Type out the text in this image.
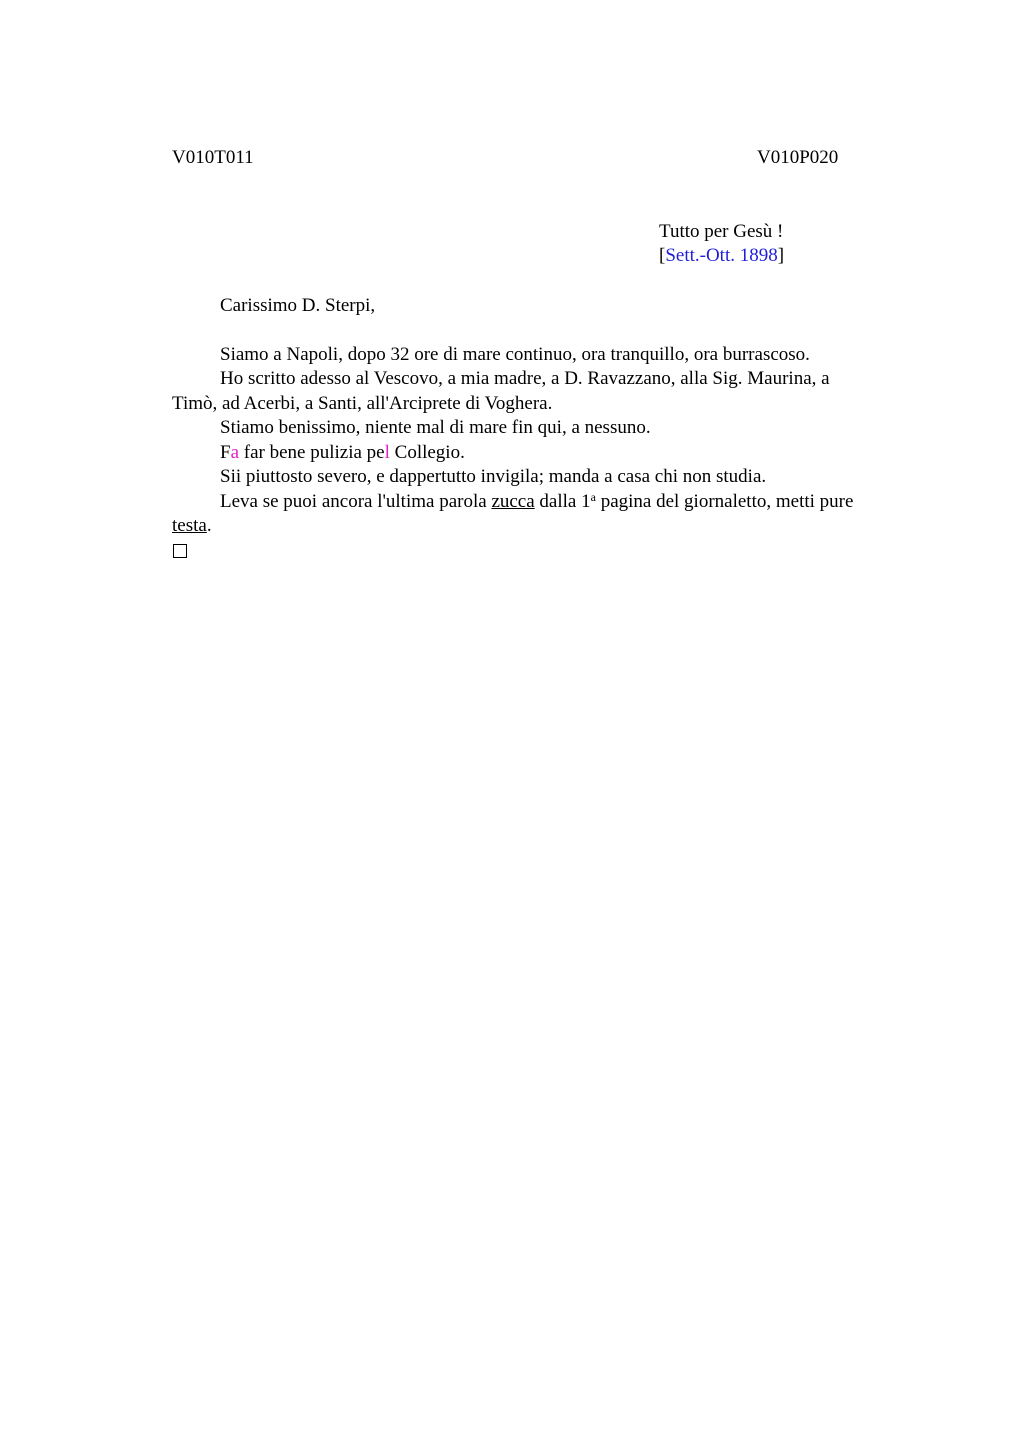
V010T011	V010P020
Tutto per Gesù !
[Sett.-Ott. 1898]

Carissimo D. Sterpi,

Siamo a Napoli, dopo 32 ore di mare continuo, ora tranquillo, ora burrascoso.

Ho scritto adesso al Vescovo, a mia madre, a D. Ravazzano, alla Sig. Maurina, a Timò, ad Acerbi, a Santi, all'Arciprete di Voghera.

Stiamo benissimo, niente mal di mare fin qui, a nessuno.

Fa far bene pulizia pel Collegio.

Sii piuttosto severo, e dappertutto invigila; manda a casa chi non studia.

Leva se puoi ancora l'ultima parola zucca dalla 1$^a$ pagina del giornaletto, metti pure testa.
